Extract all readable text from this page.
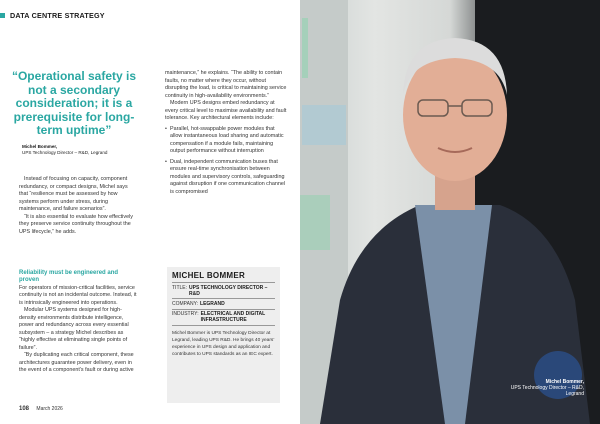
DATA CENTRE STRATEGY
“Operational safety is not a secondary consideration; it is a prerequisite for long-term uptime”
Michel Bommer,
UPS Technology Director – R&D, Legrand

Instead of focusing on capacity, component redundancy, or compact designs, Michel says that “resilience must be assessed by how systems perform under stress, during maintenance, and failure scenarios”.

“It is also essential to evaluate how effectively they preserve service continuity throughout the UPS lifecycle,” he adds.

Reliability must be engineered and proven

For operators of mission-critical facilities, service continuity is not an incidental outcome. Instead, it is intrinsically engineered into operations.

Modular UPS systems designed for high-density environments distribute intelligence, power and redundancy across every essential subsystem – a strategy Michel describes as “highly effective at eliminating single points of failure”.

“By duplicating each critical component, these architectures guarantee power delivery, even in the event of a component’s fault or during active

maintenance,” he explains. “The ability to contain faults, no matter where they occur, without disrupting the load, is critical to maintaining service continuity in high-availability environments.”

Modern UPS designs embed redundancy at every critical level to maximise availability and fault tolerance. Key architectural elements include:

• Parallel, hot-swappable power modules that allow instantaneous load sharing and automatic compensation if a module fails, maintaining output performance without interruption
• Dual, independent communication buses that ensure real-time synchronisation between modules and supervisory controls, safeguarding against disruption if one communication channel is compromised
MICHEL BOMMER
TITLE: UPS TECHNOLOGY DIRECTOR – R&D
COMPANY: LEGRAND
INDUSTRY: ELECTRICAL AND DIGITAL INFRASTRUCTURE
Michel Bommer is UPS Technology Director at Legrand, leading UPS R&D. He brings 40 years’ experience in UPS design and application and contributes to UPS standards as an IEC expert.
108 March 2026
Michel Bommer,
UPS Technology Director – R&D,
Legrand
